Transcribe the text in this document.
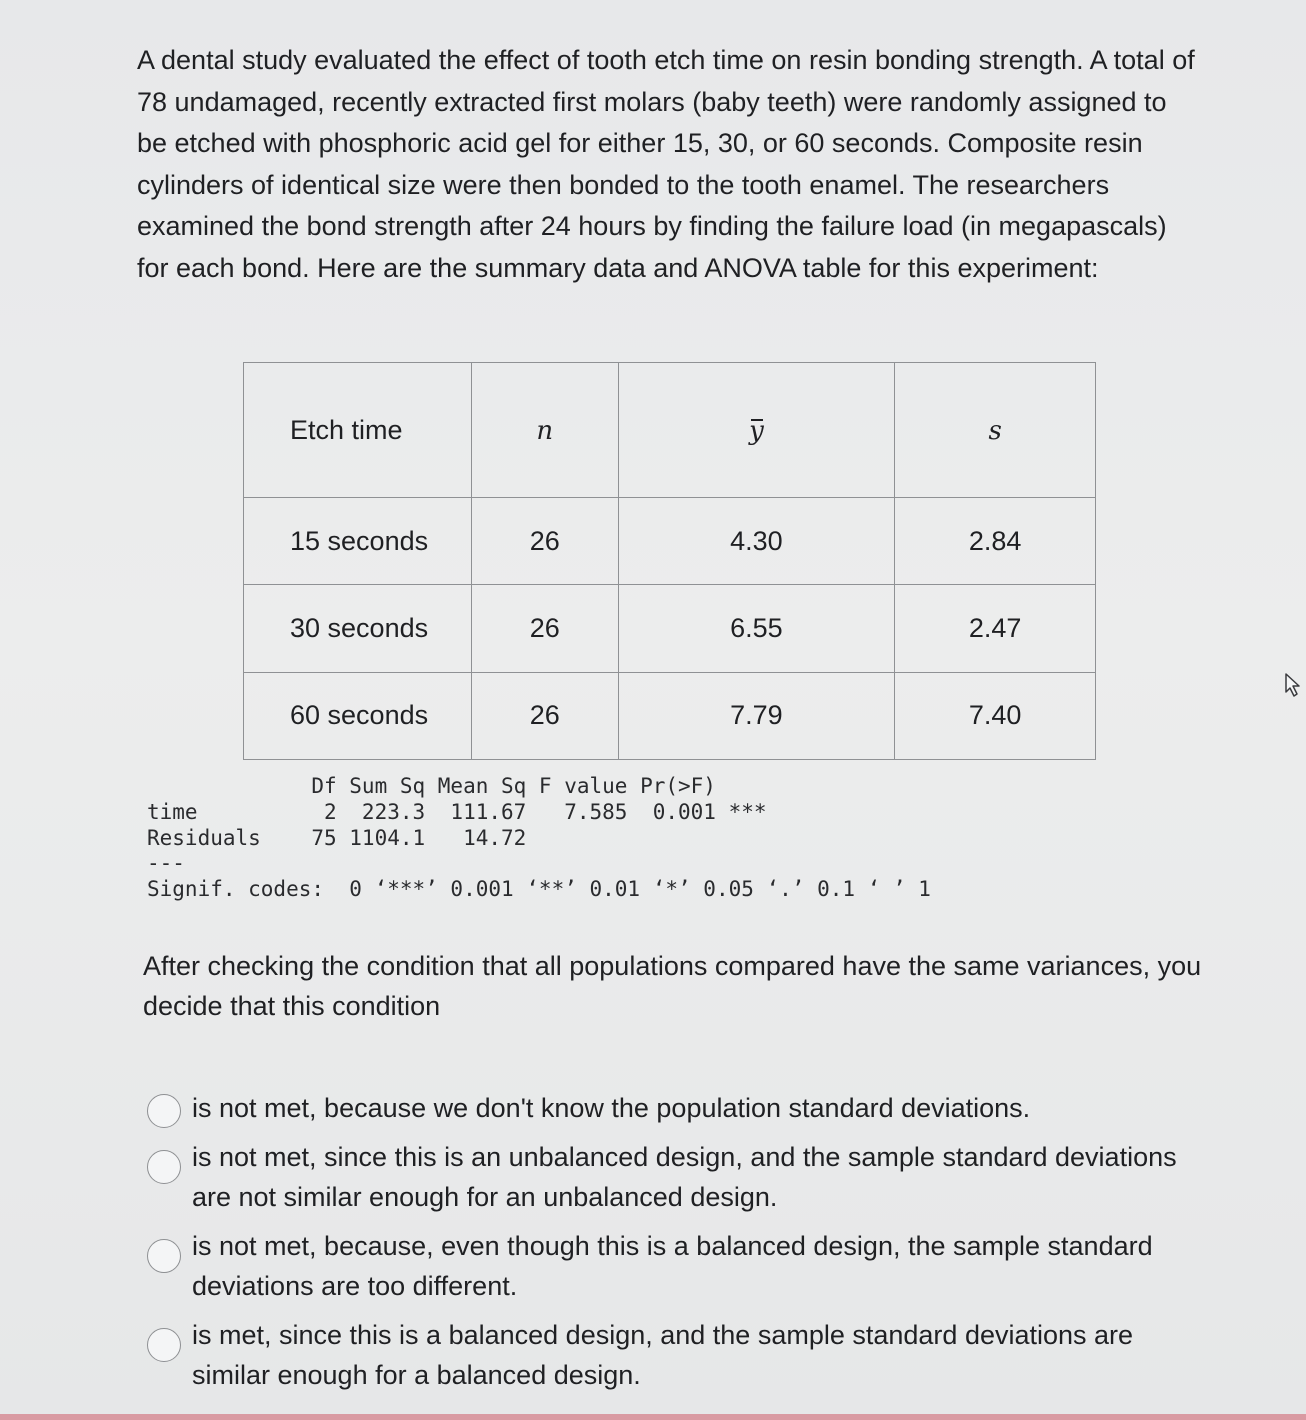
A dental study evaluated the effect of tooth etch time on resin bonding strength. A total of 78 undamaged, recently extracted first molars (baby teeth) were randomly assigned to be etched with phosphoric acid gel for either 15, 30, or 60 seconds. Composite resin cylinders of identical size were then bonded to the tooth enamel. The researchers examined the bond strength after 24 hours by finding the failure load (in megapascals) for each bond. Here are the summary data and ANOVA table for this experiment:

Etch time	n	y	s
15 seconds	26	4.30	2.84
30 seconds	26	6.55	2.47
60 seconds	26	7.79	7.40
Df Sum Sq Mean Sq F value Pr(>F)
time          2  223.3  111.67   7.585  0.001 ***
Residuals    75 1104.1   14.72
---
Signif. codes:  0 ‘***’ 0.001 ‘**’ 0.01 ‘*’ 0.05 ‘.’ 0.1 ‘ ’ 1

After checking the condition that all populations compared have the same variances, you decide that this condition

is not met, because we don't know the population standard deviations.
is not met, since this is an unbalanced design, and the sample standard deviations are not similar enough for an unbalanced design.
is not met, because, even though this is a balanced design, the sample standard deviations are too different.
is met, since this is a balanced design, and the sample standard deviations are similar enough for a balanced design.
